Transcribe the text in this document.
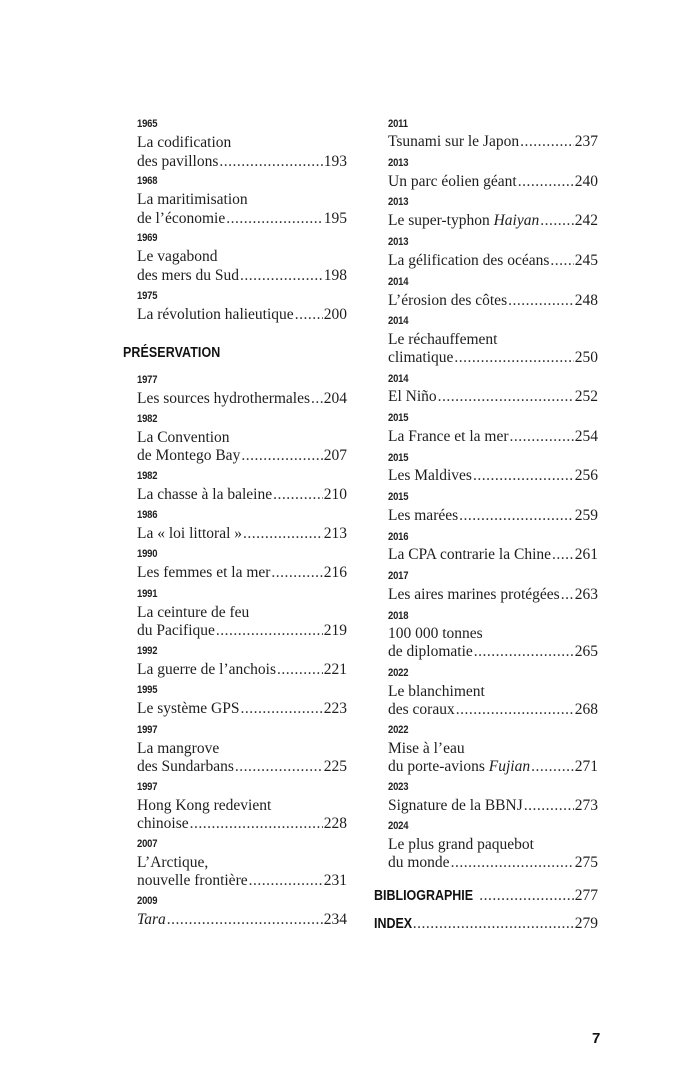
1965
La codification
des pavillons .....	193
1968
La maritimisation
de l’économie .....	195
1969
Le vagabond
des mers du Sud .....	198
1975
La révolution halieutique ..... 200
PRÉSERVATION
1977
Les sources hydrothermales ..... 204
1982
La Convention
de Montego Bay .....	207
1982
La chasse à la baleine .....	210
1986
La « loi littoral » .....	213
1990
Les femmes et la mer .....	216
1991
La ceinture de feu
du Pacifique .....	219
1992
La guerre de l’anchois .....	221
1995
Le système GPS .....	223
1997
La mangrove
des Sundarbans .....	225
1997
Hong Kong redevient
chinoise .....	228
2007
L’Arctique,
nouvelle frontière .....	231
2009
Tara .....	234
2011
Tsunami sur le Japon .....	237
2013
Un parc éolien géant .....	240
2013
Le super-typhon Haiyan ..... 242
2013
La gélification des océans ..... 245
2014
L’érosion des côtes .....	248
2014
Le réchauffement
climatique .....	250
2014
El Niño .....	252
2015
La France et la mer .....	254
2015
Les Maldives .....	256
2015
Les marées .....	259
2016
La CPA contrarie la Chine ..... 261
2017
Les aires marines protégées ..... 263
2018
100 000 tonnes
de diplomatie .....	265
2022
Le blanchiment
des coraux .....	268
2022
Mise à l’eau
du porte-avions Fujian .....	271
2023
Signature de la BBNJ .....	273
2024
Le plus grand paquebot
du monde .....	275
BIBLIOGRAPHIE .....	277
INDEX .....	279
7
